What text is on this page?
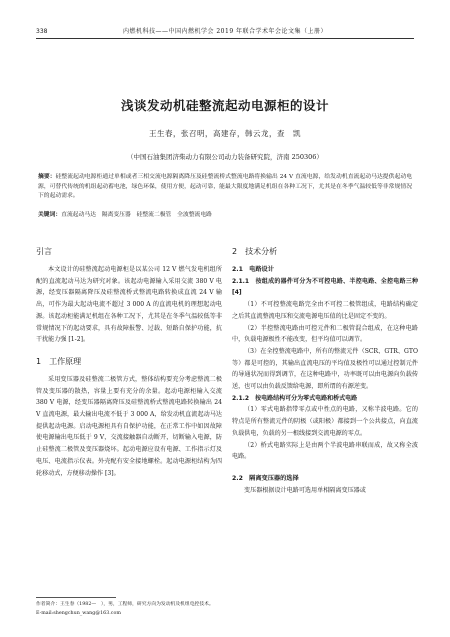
338	内燃机科技——中国内燃机学会 2019 年联合学术年会论文集（上册）
浅谈发动机硅整流起动电源柜的设计
王生春，张召明，高建存，韩云龙，查　凯
（中国石油集团济柴动力有限公司动力装备研究院，济南 250306）
摘要：硅整流起动电源柜通过单相或者三相交流电源隔离降压及硅整流桥式整流电路将换输出 24 V 直流电源，给发动机直流起动马达提供起动电源，可替代传统的机组起动蓄电池，绿色环保，使用方便，起动可靠，能最大限度地满足机组在各种工况下，尤其是在冬季气温较低等非常规情况下的起动需求。
关键词：直流起动马达　隔离变压器　硅整流二极管　全波整流电路
引言

本文设计的硅整流起动电源柜是以某公司 12 V 燃气发电机组所配的直流起动马达为研究对象。该起动电源输入采用交流 380 V 电源，经变压器隔离降压及硅整流桥式整流电路转换成直流 24 V 输出，可作为最大起动电流不超过 3 000 A 的直流电机的理想起动电源。该起动柜能满足机组在各种工况下，尤其是在冬季气温较低等非常规情况下的起动要求，具有故障报警、过载、短路自保护功能，抗干扰能力强 [1-2]。

1　工作原理

采用变压器及硅整流二极管方式，整体结构要充分考虑整流二极管及变压器的散热，容量上要有充分的余量。起动电源柜输入交流 380 V 电源，经变压器隔离降压及硅整流桥式整流电路转换输出 24 V 直流电源，最大输出电流不低于 3 000 A，给发动机直流起动马达提供起动电源。启动电源柜具有自保护功能，在正常工作中如因故障使电源输出电压低于 9 V，交流接触器自动断开，切断输入电源，防止硅整流二极管及变压器烧坏。起动电源应设有电源、工作指示灯及电压、电流指示仪表。外壳配有安全接地螺栓。起动电源柜结构为四轮移动式，方便移动操作 [3]。

2　技术分析
2.1　电路设计
2.1.1　按组成的器件可分为不可控电路、半控电路、全控电路三种 [4]

（1）不可控整流电路完全由不可控二极管组成，电路结构确定之后其直流整流电压和交流电源电压值的比是固定不变的。

（2）半控整流电路由可控元件和二极管混合组成，在这种电路中，负载电源极性不能改变，但平均值可以调节。

（3）在全控整流电路中，所有的整流元件（SCR、GTR、GTO 等）都是可控的，其输出直流电压的平均值及极性可以通过控制元件的导通状况而得到调节，在这种电路中，功率既可以由电源向负载传送，也可以由负载反馈给电源，即所谓的有源逆变。

2.1.2　按电路结构可分为零式电路和桥式电路

（1）零式电路指带零点或中性点的电路，又称半波电路。它的特点是所有整流元件的阴极（或阳极）都接到一个公共接点，向直流负载供电，负载的另一根线接到交流电源的零点。

（2）桥式电路实际上是由两个半波电路串联而成，故又称全波电路。

2.2　隔离变压器的选择

变压器根据设计电路可选用单相隔离变压器或

作者简介：王生春（1982—　），男，工程师，研究方向为发动机及机组电控技术。
E-mail:shengchun_wang@163.com
